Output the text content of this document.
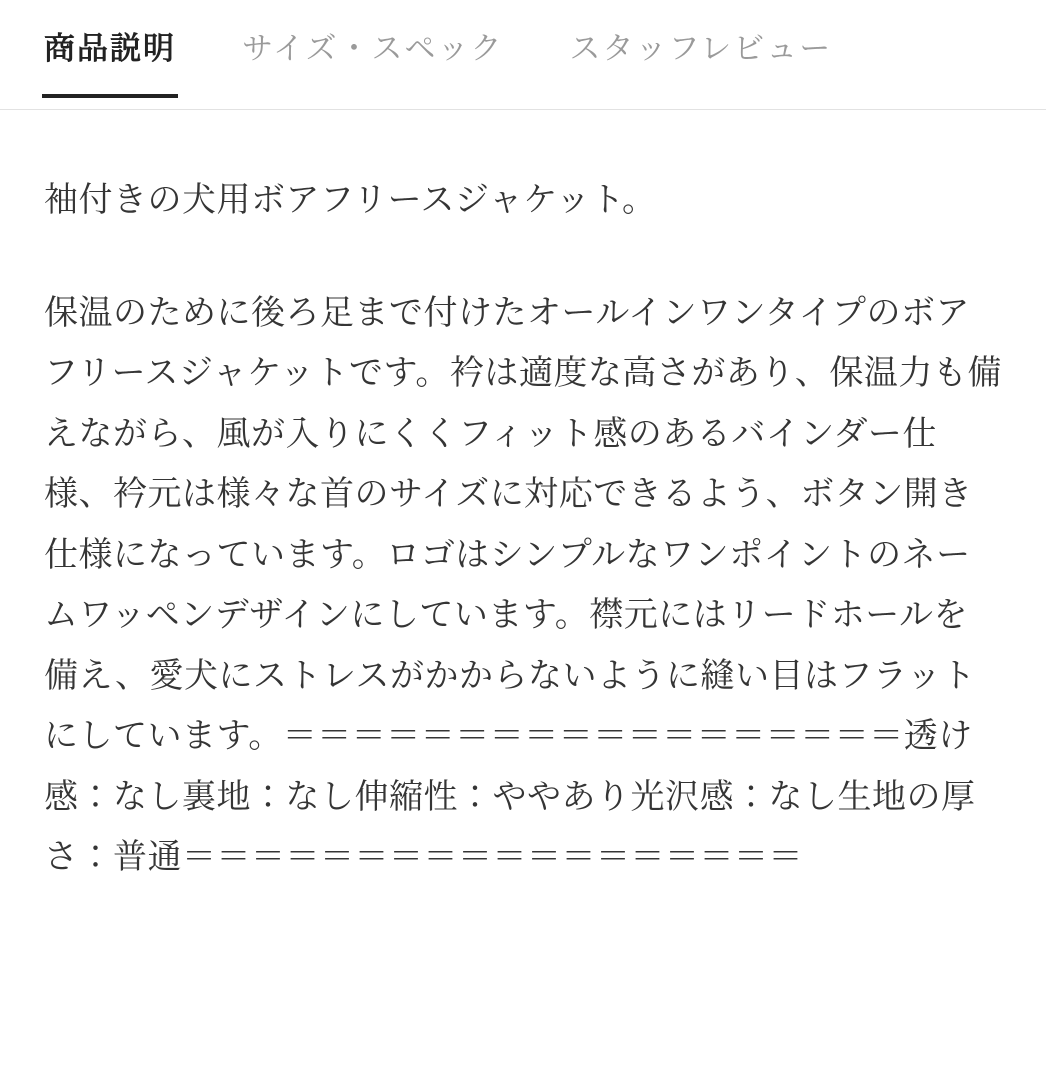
商品説明 サイズ・スペック スタッフレビュー

袖付きの犬用ボアフリースジャケット。

保温のために後ろ足まで付けたオールインワンタイプのボアフリースジャケットです。衿は適度な高さがあり、保温力も備えながら、風が入りにくくフィット感のあるバインダー仕様、衿元は様々な首のサイズに対応できるよう、ボタン開き仕様になっています。ロゴはシンプルなワンポイントのネームワッペンデザインにしています。襟元にはリードホールを備え、愛犬にストレスがかからないように縫い目はフラットにしています。＝＝＝＝＝＝＝＝＝＝＝＝＝＝＝＝＝＝透け感：なし裏地：なし伸縮性：ややあり光沢感：なし生地の厚さ：普通＝＝＝＝＝＝＝＝＝＝＝＝＝＝＝＝＝＝
